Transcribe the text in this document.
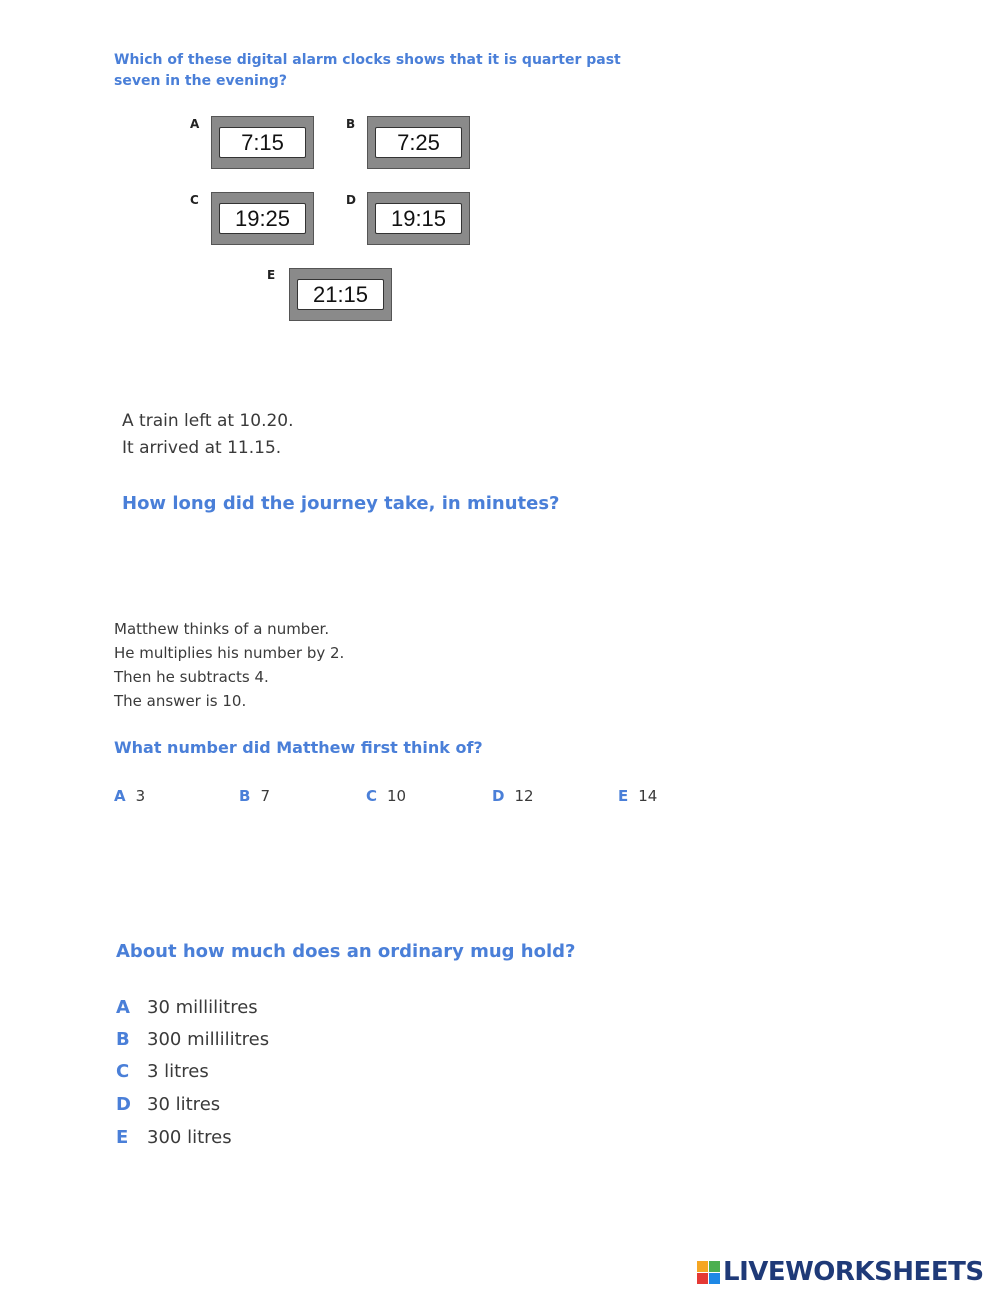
Which of these digital alarm clocks shows that it is quarter past seven in the evening?
A
7:15
B
7:25
C
19:25
D
19:15
E
21:15
A train left at 10.20.
It arrived at 11.15.
How long did the journey take, in minutes?
Matthew thinks of a number.
He multiplies his number by 2.
Then he subtracts 4.
The answer is 10.
What number did Matthew first think of?
A 3	B 7	C 10	D 12	E 14
About how much does an ordinary mug hold?
A 30 millilitres
B 300 millilitres
C 3 litres
D 30 litres
E 300 litres
LIVEWORKSHEETS
